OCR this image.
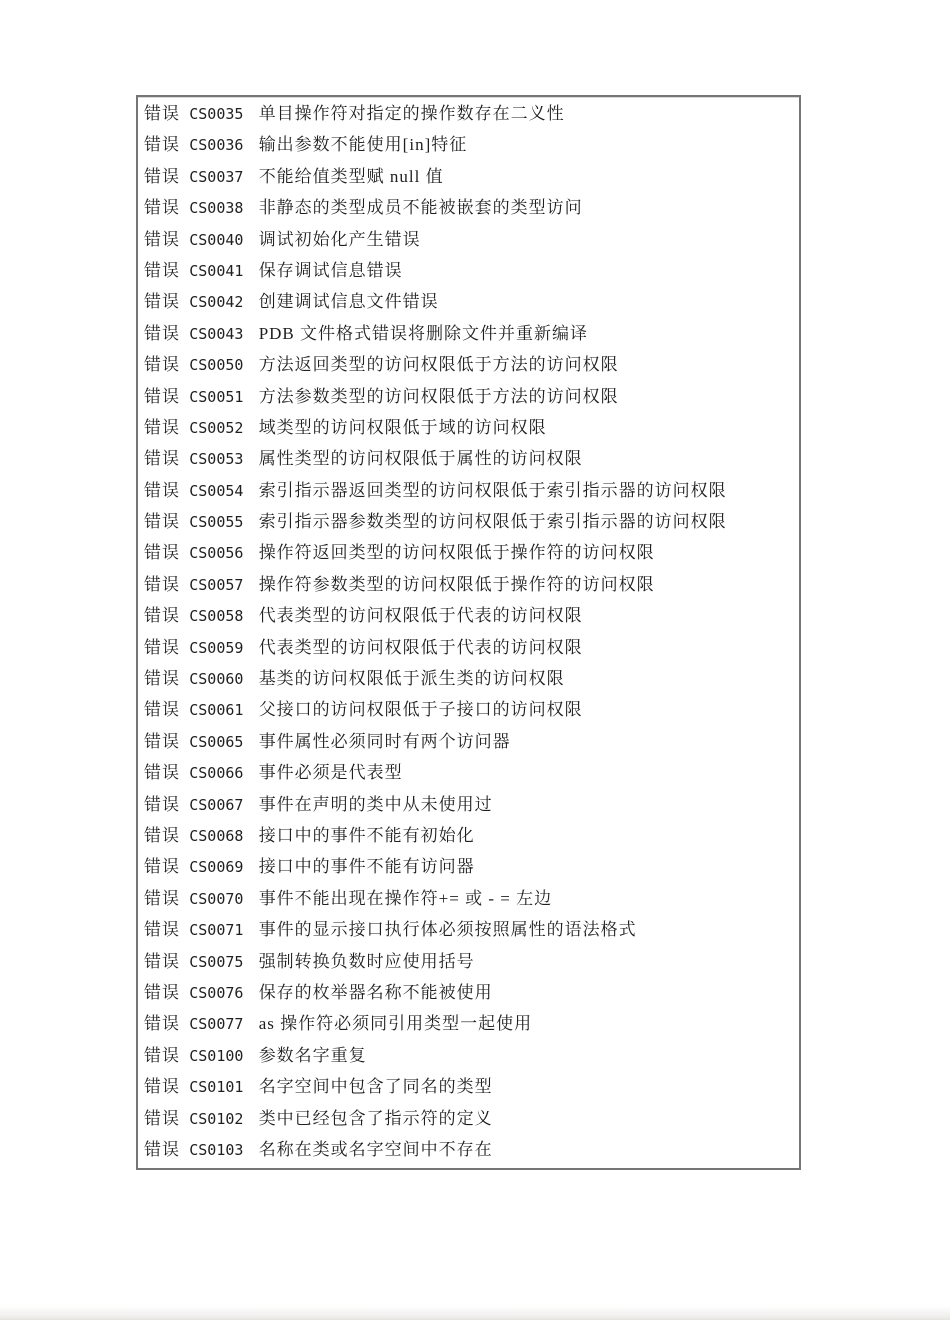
错误 CS0035 单目操作符对指定的操作数存在二义性
错误 CS0036 输出参数不能使用[in]特征
错误 CS0037 不能给值类型赋 null 值
错误 CS0038 非静态的类型成员不能被嵌套的类型访问
错误 CS0040 调试初始化产生错误
错误 CS0041 保存调试信息错误
错误 CS0042 创建调试信息文件错误
错误 CS0043 PDB 文件格式错误将删除文件并重新编译
错误 CS0050 方法返回类型的访问权限低于方法的访问权限
错误 CS0051 方法参数类型的访问权限低于方法的访问权限
错误 CS0052 域类型的访问权限低于域的访问权限
错误 CS0053 属性类型的访问权限低于属性的访问权限
错误 CS0054 索引指示器返回类型的访问权限低于索引指示器的访问权限
错误 CS0055 索引指示器参数类型的访问权限低于索引指示器的访问权限
错误 CS0056 操作符返回类型的访问权限低于操作符的访问权限
错误 CS0057 操作符参数类型的访问权限低于操作符的访问权限
错误 CS0058 代表类型的访问权限低于代表的访问权限
错误 CS0059 代表类型的访问权限低于代表的访问权限
错误 CS0060 基类的访问权限低于派生类的访问权限
错误 CS0061 父接口的访问权限低于子接口的访问权限
错误 CS0065 事件属性必须同时有两个访问器
错误 CS0066 事件必须是代表型
错误 CS0067 事件在声明的类中从未使用过
错误 CS0068 接口中的事件不能有初始化
错误 CS0069 接口中的事件不能有访问器
错误 CS0070 事件不能出现在操作符+= 或 - = 左边
错误 CS0071 事件的显示接口执行体必须按照属性的语法格式
错误 CS0075 强制转换负数时应使用括号
错误 CS0076 保存的枚举器名称不能被使用
错误 CS0077 as 操作符必须同引用类型一起使用
错误 CS0100 参数名字重复
错误 CS0101 名字空间中包含了同名的类型
错误 CS0102 类中已经包含了指示符的定义
错误 CS0103 名称在类或名字空间中不存在
